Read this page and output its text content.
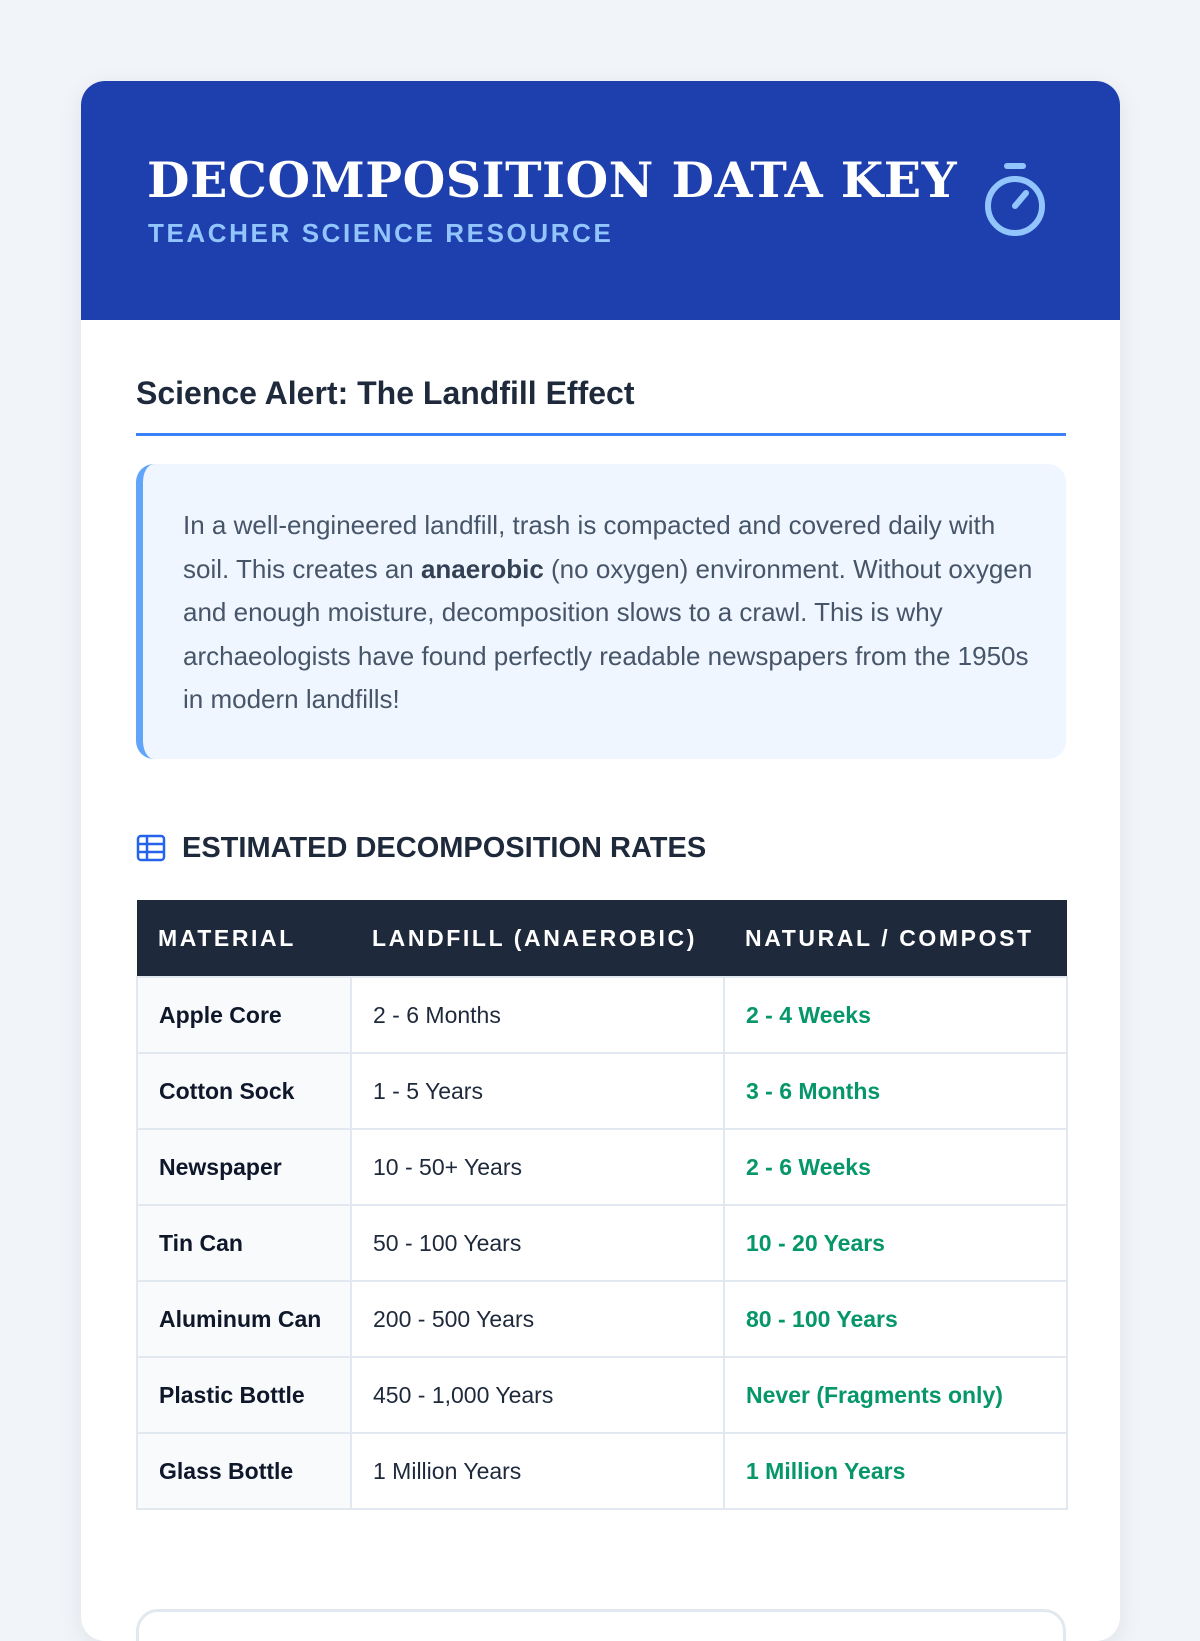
DECOMPOSITION DATA KEY

TEACHER SCIENCE RESOURCE

Science Alert: The Landfill Effect
In a well-engineered landfill, trash is compacted and covered daily with soil. This creates an anaerobic (no oxygen) environment. Without oxygen and enough moisture, decomposition slows to a crawl. This is why archaeologists have found perfectly readable newspapers from the 1950s in modern landfills!
ESTIMATED DECOMPOSITION RATES
MATERIAL	LANDFILL (ANAEROBIC)	NATURAL / COMPOST
Apple Core	2 - 6 Months	2 - 4 Weeks
Cotton Sock	1 - 5 Years	3 - 6 Months
Newspaper	10 - 50+ Years	2 - 6 Weeks
Tin Can	50 - 100 Years	10 - 20 Years
Aluminum Can	200 - 500 Years	80 - 100 Years
Plastic Bottle	450 - 1,000 Years	Never (Fragments only)
Glass Bottle	1 Million Years	1 Million Years
